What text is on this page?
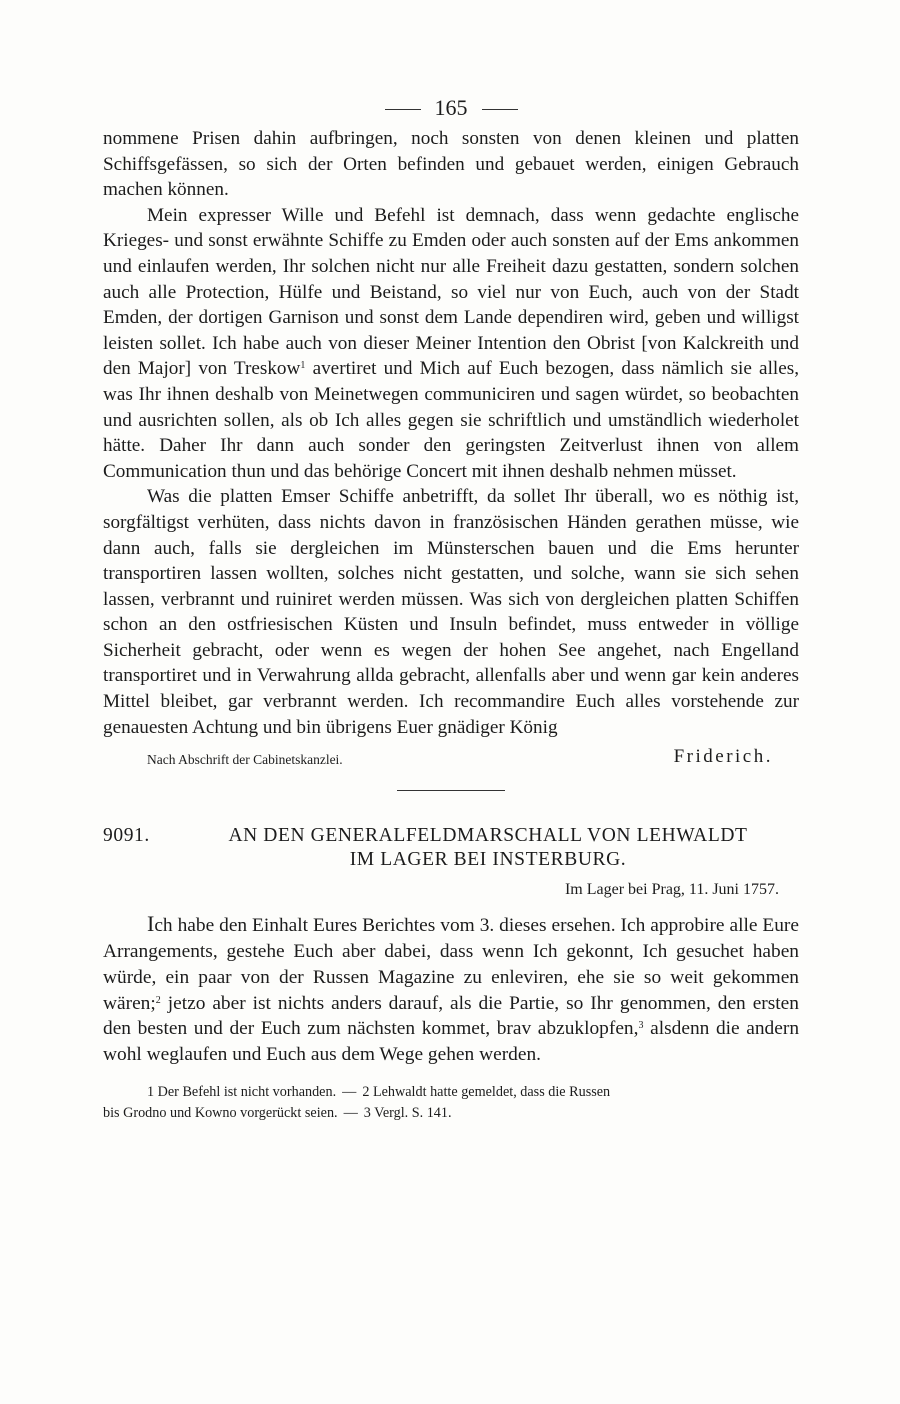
165

nommene Prisen dahin aufbringen, noch sonsten von denen kleinen und platten Schiffsgefässen, so sich der Orten befinden und gebauet werden, einigen Gebrauch machen können.

Mein expresser Wille und Befehl ist demnach, dass wenn gedachte englische Krieges- und sonst erwähnte Schiffe zu Emden oder auch sonsten auf der Ems ankommen und einlaufen werden, Ihr solchen nicht nur alle Freiheit dazu gestatten, sondern solchen auch alle Protection, Hülfe und Beistand, so viel nur von Euch, auch von der Stadt Emden, der dortigen Garnison und sonst dem Lande dependiren wird, geben und willigst leisten sollet. Ich habe auch von dieser Meiner Intention den Obrist [von Kalckreith und den Major] von Treskow$^1$ avertiret und Mich auf Euch bezogen, dass nämlich sie alles, was Ihr ihnen deshalb von Meinetwegen communiciren und sagen würdet, so beobachten und ausrichten sollen, als ob Ich alles gegen sie schriftlich und umständlich wiederholet hätte. Daher Ihr dann auch sonder den geringsten Zeitverlust ihnen von allem Communication thun und das behörige Concert mit ihnen deshalb nehmen müsset.

Was die platten Emser Schiffe anbetrifft, da sollet Ihr überall, wo es nöthig ist, sorgfältigst verhüten, dass nichts davon in französischen Händen gerathen müsse, wie dann auch, falls sie dergleichen im Münsterschen bauen und die Ems herunter transportiren lassen wollten, solches nicht gestatten, und solche, wann sie sich sehen lassen, verbrannt und ruiniret werden müssen. Was sich von dergleichen platten Schiffen schon an den ostfriesischen Küsten und Insuln befindet, muss entweder in völlige Sicherheit gebracht, oder wenn es wegen der hohen See angehet, nach Engelland transportiret und in Verwahrung allda gebracht, allenfalls aber und wenn gar kein anderes Mittel bleibet, gar verbrannt werden. Ich recommandire Euch alles vorstehende zur genauesten Achtung und bin übrigens Euer gnädiger König

Nach Abschrift der Cabinetskanzlei.	Friderich.
9091.	AN DEN GENERALFELDMARSCHALL VON LEHWALDT
IM LAGER BEI INSTERBURG.
Im Lager bei Prag, 11. Juni 1757.

Ich habe den Einhalt Eures Berichtes vom 3. dieses ersehen. Ich approbire alle Eure Arrangements, gestehe Euch aber dabei, dass wenn Ich gekonnt, Ich gesuchet haben würde, ein paar von der Russen Magazine zu enleviren, ehe sie so weit gekommen wären;$^2$ jetzo aber ist nichts anders darauf, als die Partie, so Ihr genommen, den ersten den besten und der Euch zum nächsten kommet, brav abzuklopfen,$^3$ alsdenn die andern wohl weglaufen und Euch aus dem Wege gehen werden.

1 Der Befehl ist nicht vorhanden. — 2 Lehwaldt hatte gemeldet, dass die Russen
bis Grodno und Kowno vorgerückt seien. — 3 Vergl. S. 141.
